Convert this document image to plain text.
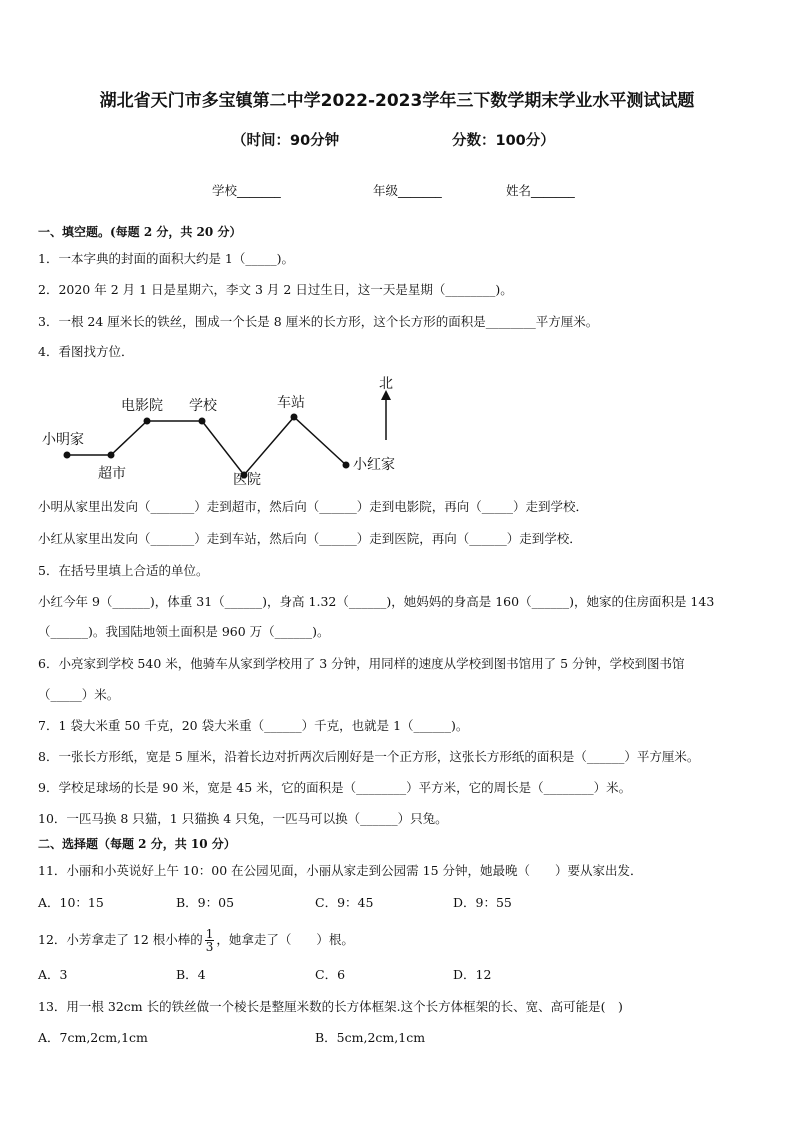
湖北省天门市多宝镇第二中学2022-2023学年三下数学期末学业水平测试试题
（时间：90分钟	分数：100分）
学校_______	年级_______	姓名_______
一、填空题。(每题 2 分，共 20 分）
1．一本字典的封面的面积大约是 1（_____)。
2．2020 年 2 月 1 日是星期六，李文 3 月 2 日过生日，这一天是星期（________)。
3．一根 24 厘米长的铁丝，围成一个长是 8 厘米的长方形，这个长方形的面积是________平方厘米。
4．看图找方位．
小明家
超市
电影院 学校
医院
车站
小红家
北
小明从家里出发向（_______）走到超市，然后向（______）走到电影院，再向（_____）走到学校．
小红从家里出发向（_______）走到车站，然后向（______）走到医院，再向（______）走到学校．
5．在括号里填上合适的单位。
小红今年 9（______)，体重 31（______)，身高 1.32（______)，她妈妈的身高是 160（______)，她家的住房面积是 143
（______)。我国陆地领土面积是 960 万（______)。
6．小亮家到学校 540 米，他骑车从家到学校用了 3 分钟，用同样的速度从学校到图书馆用了 5 分钟，学校到图书馆
（_____）米。
7．1 袋大米重 50 千克，20 袋大米重（______）千克，也就是 1（______)。
8．一张长方形纸，宽是 5 厘米，沿着长边对折两次后刚好是一个正方形，这张长方形纸的面积是（______）平方厘米。
9．学校足球场的长是 90 米，宽是 45 米，它的面积是（________）平方米，它的周长是（________）米。
10．一匹马换 8 只猫，1 只猫换 4 只兔，一匹马可以换（______）只兔。
二、选择题（每题 2 分，共 10 分）
11．小丽和小英说好上午 10：00 在公园见面，小丽从家走到公园需 15 分钟，她最晚（　　）要从家出发．
A．10：15	B．9：05	C．9：45	D．9：55
12．小芳拿走了 12 根小棒的 $\frac{1}{3}$ ，她拿走了（　　）根。
A．3	B．4	C．6	D．12
13．用一根 32cm 长的铁丝做一个棱长是整厘米数的长方体框架.这个长方体框架的长、宽、高可能是(　)
A．7cm,2cm,1cm	B．5cm,2cm,1cm
